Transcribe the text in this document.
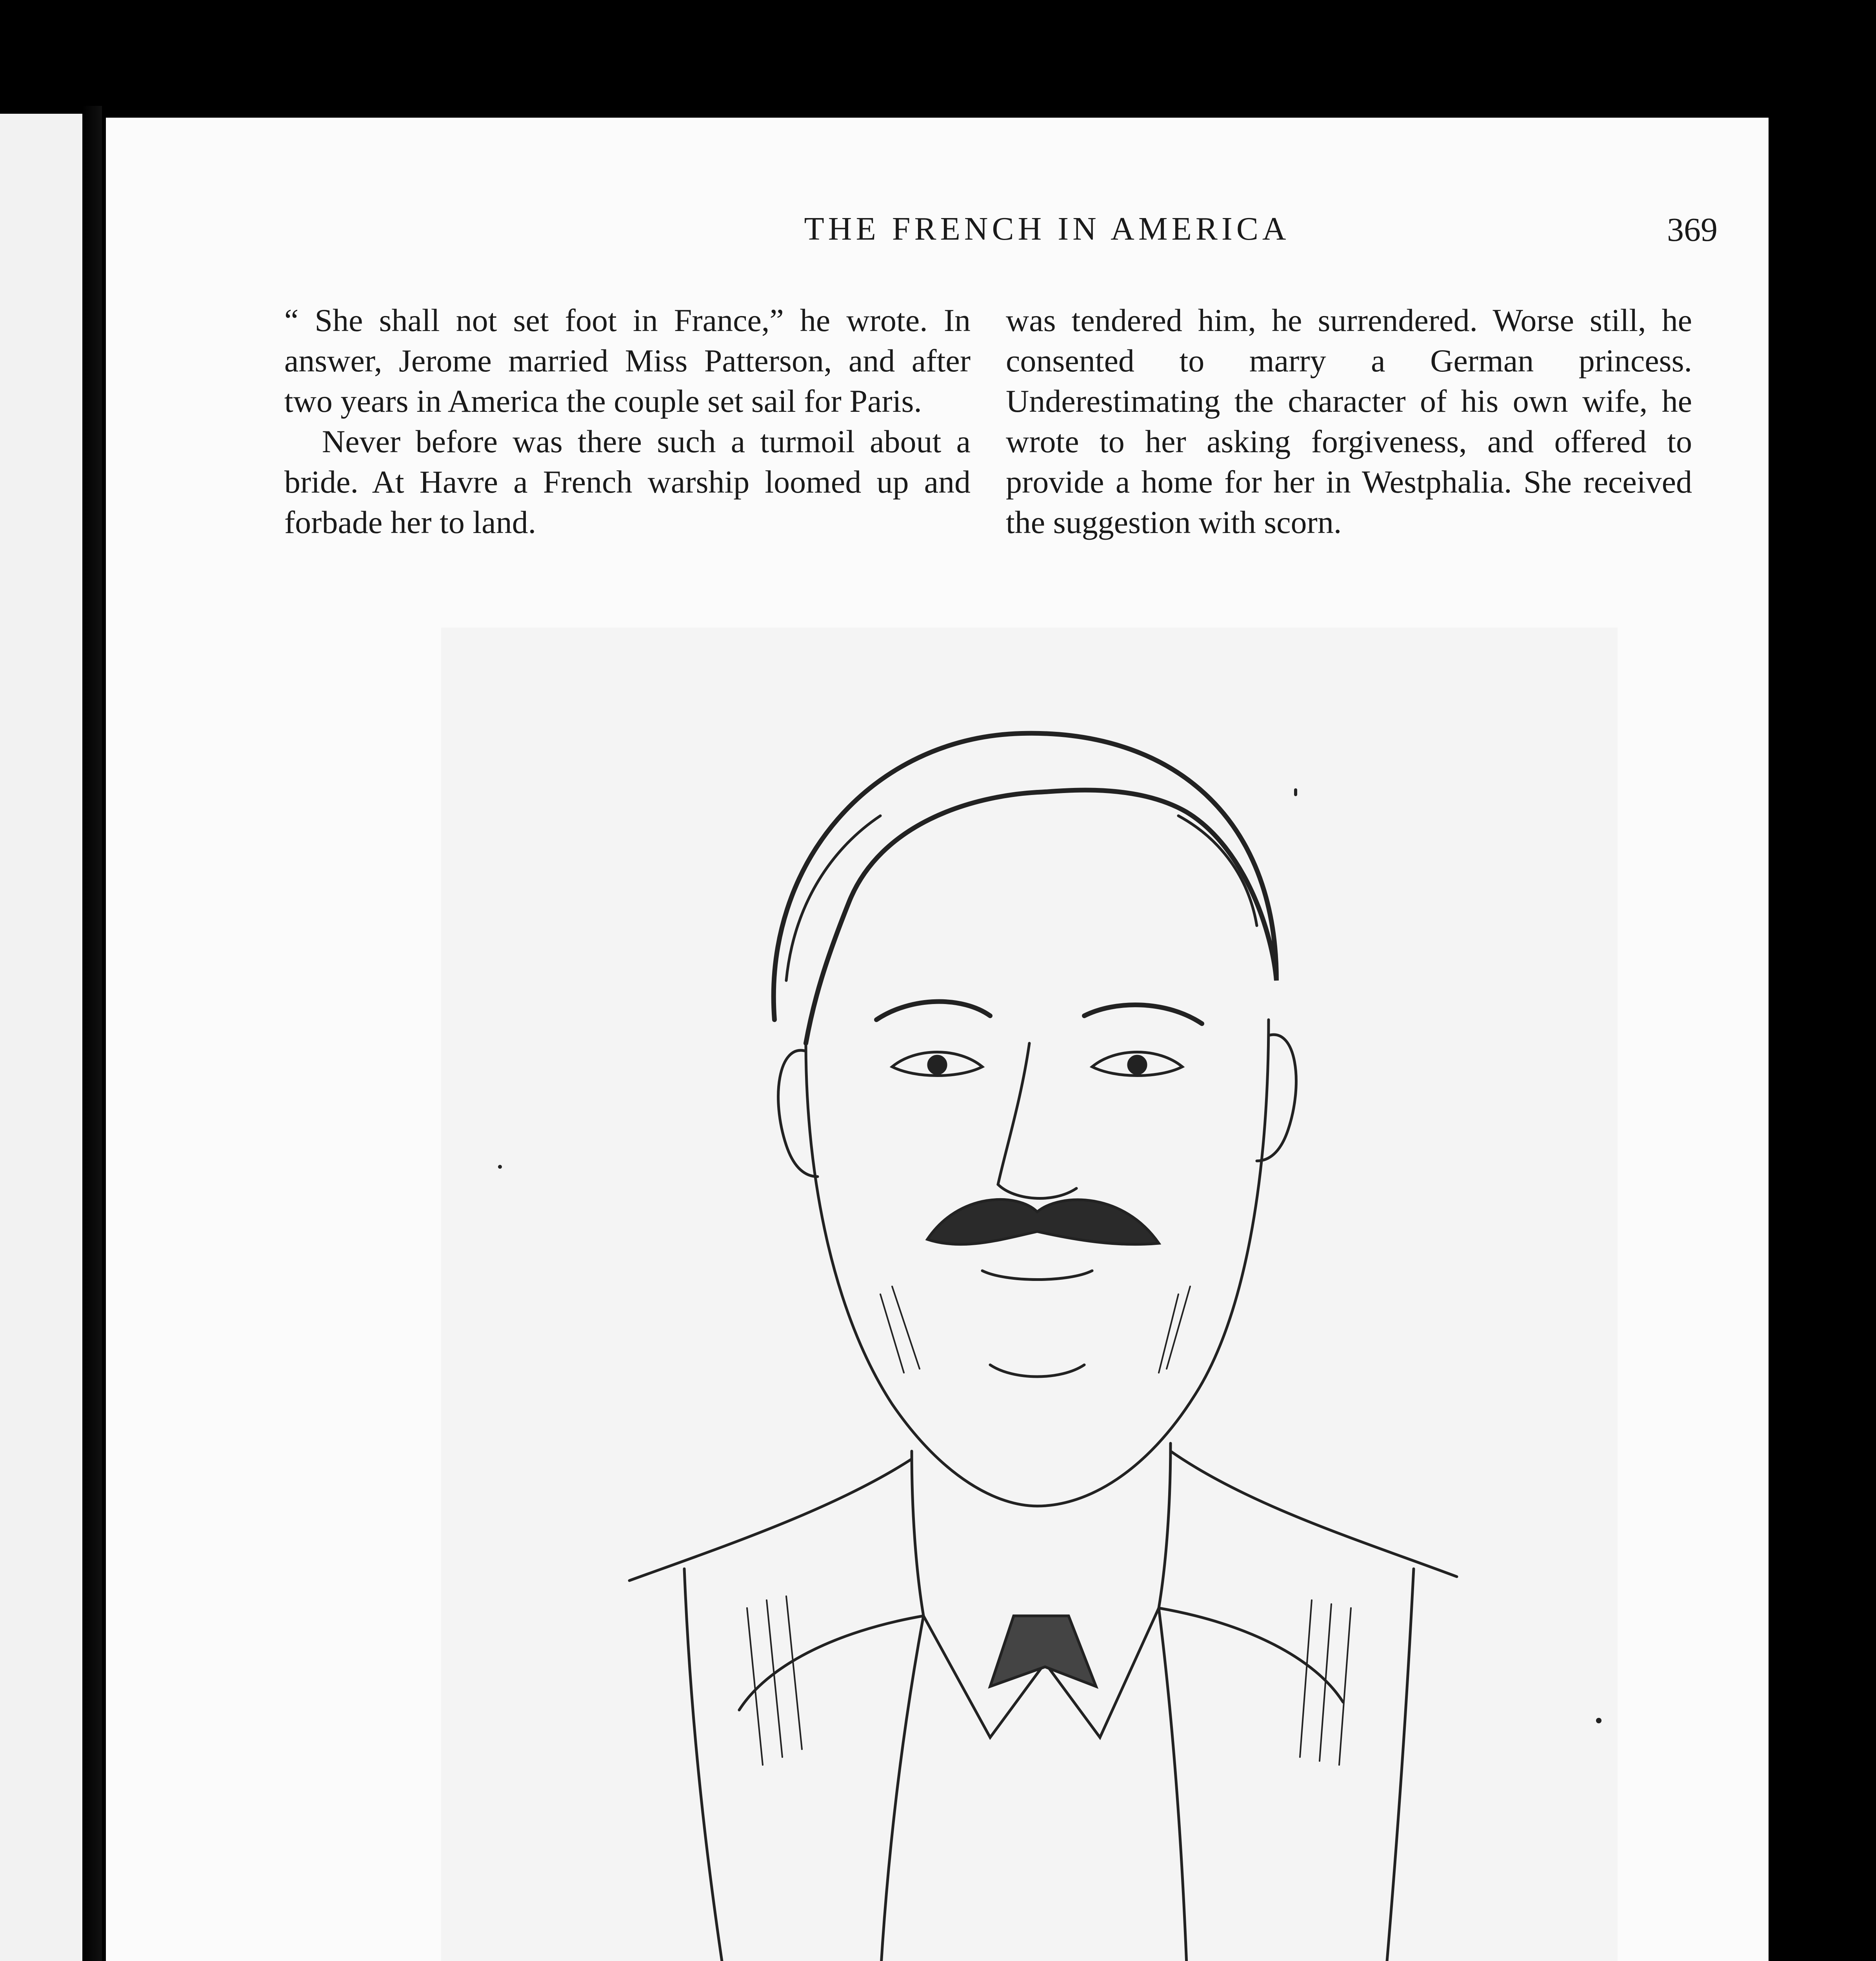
THE FRENCH IN AMERICA	369

“ She shall not set foot in France,” he wrote. In answer, Jerome married Miss Patterson, and after two years in America the couple set sail for Paris.

Never before was there such a turmoil about a bride. At Havre a French warship loomed up and forbade her to land.

was tendered him, he surrendered. Worse still, he consented to marry a German princess. Underestimating the character of his own wife, he wrote to her asking forgiveness, and offered to provide a home for her in Westphalia. She received the suggestion with scorn.
